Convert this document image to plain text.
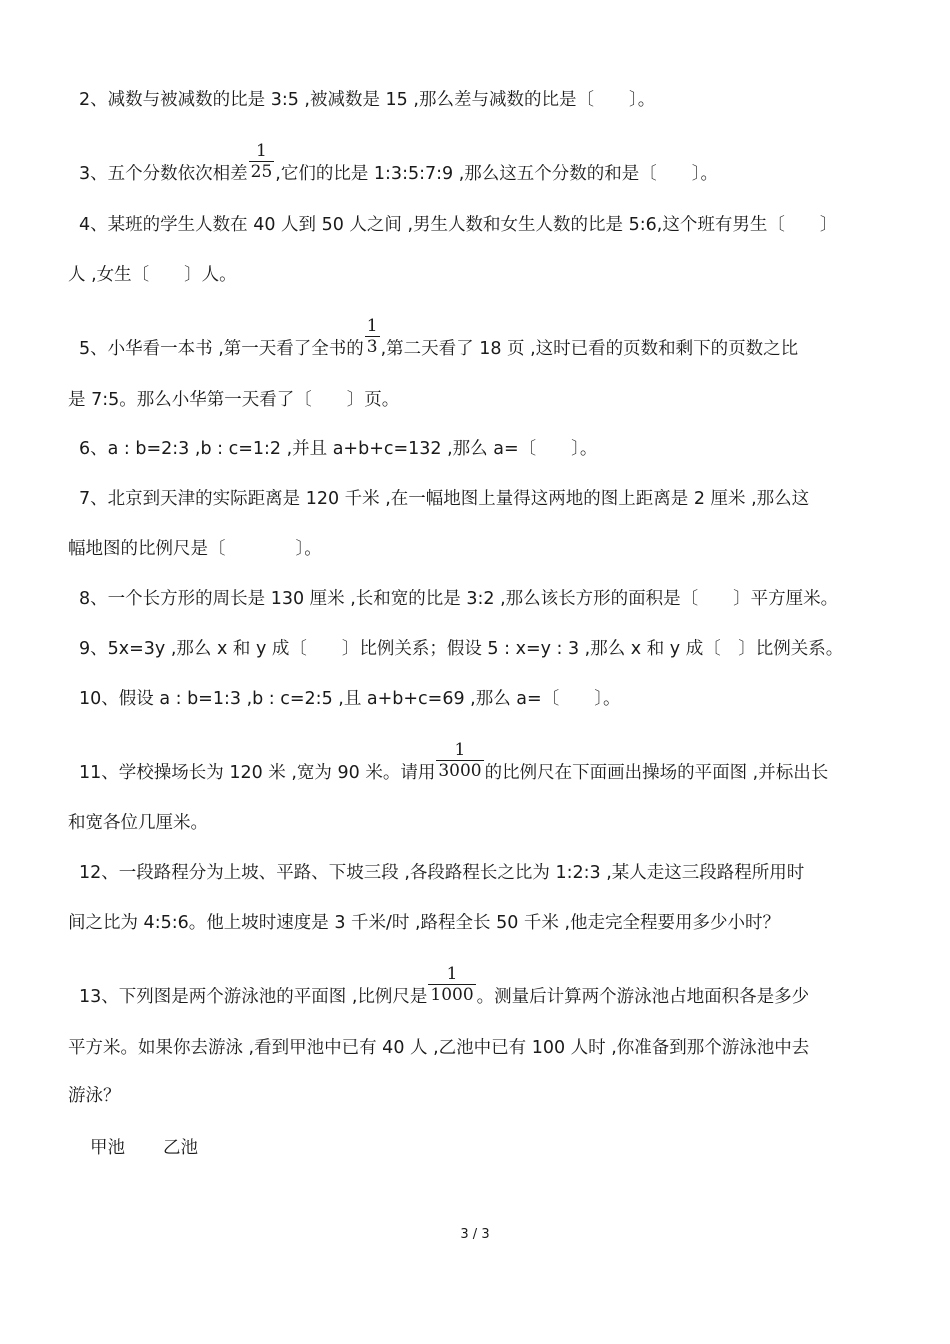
2、减数与被减数的比是 3:5 ,被减数是 15 ,那么差与减数的比是〔　　〕。
3、五个分数依次相差 $\frac{1}{25}$ ,它们的比是 1:3:5:7:9 ,那么这五个分数的和是〔　　〕。
4、某班的学生人数在 40 人到 50 人之间 ,男生人数和女生人数的比是 5:6,这个班有男生〔　　〕
人 ,女生〔　　〕人。
5、小华看一本书 ,第一天看了全书的 $\frac{1}{3}$ ,第二天看了 18 页 ,这时已看的页数和剩下的页数之比
是 7:5。那么小华第一天看了〔　　〕页。
6、a : b=2:3 ,b : c=1:2 ,并且 a+b+c=132 ,那么 a=〔　　〕。
7、北京到天津的实际距离是 120 千米 ,在一幅地图上量得这两地的图上距离是 2 厘米 ,那么这
幅地图的比例尺是〔　　　　〕。
8、一个长方形的周长是 130 厘米 ,长和宽的比是 3:2 ,那么该长方形的面积是〔　　〕平方厘米。
9、5x=3y ,那么 x 和 y 成〔　　〕比例关系；假设 5 : x=y : 3 ,那么 x 和 y 成〔　〕比例关系。
10、假设 a : b=1:3 ,b : c=2:5 ,且 a+b+c=69 ,那么 a=〔　　〕。
11、学校操场长为 120 米 ,宽为 90 米。请用 $\frac{1}{3000}$ 的比例尺在下面画出操场的平面图 ,并标出长
和宽各位几厘米。
12、一段路程分为上坡、平路、下坡三段 ,各段路程长之比为 1:2:3 ,某人走这三段路程所用时
间之比为 4:5:6。他上坡时速度是 3 千米/时 ,路程全长 50 千米 ,他走完全程要用多少小时？
13、下列图是两个游泳池的平面图 ,比例尺是 $\frac{1}{1000}$ 。测量后计算两个游泳池占地面积各是多少
平方米。如果你去游泳 ,看到甲池中已有 40 人 ,乙池中已有 100 人时 ,你准备到那个游泳池中去
游泳？
甲池 乙池
3 / 3
